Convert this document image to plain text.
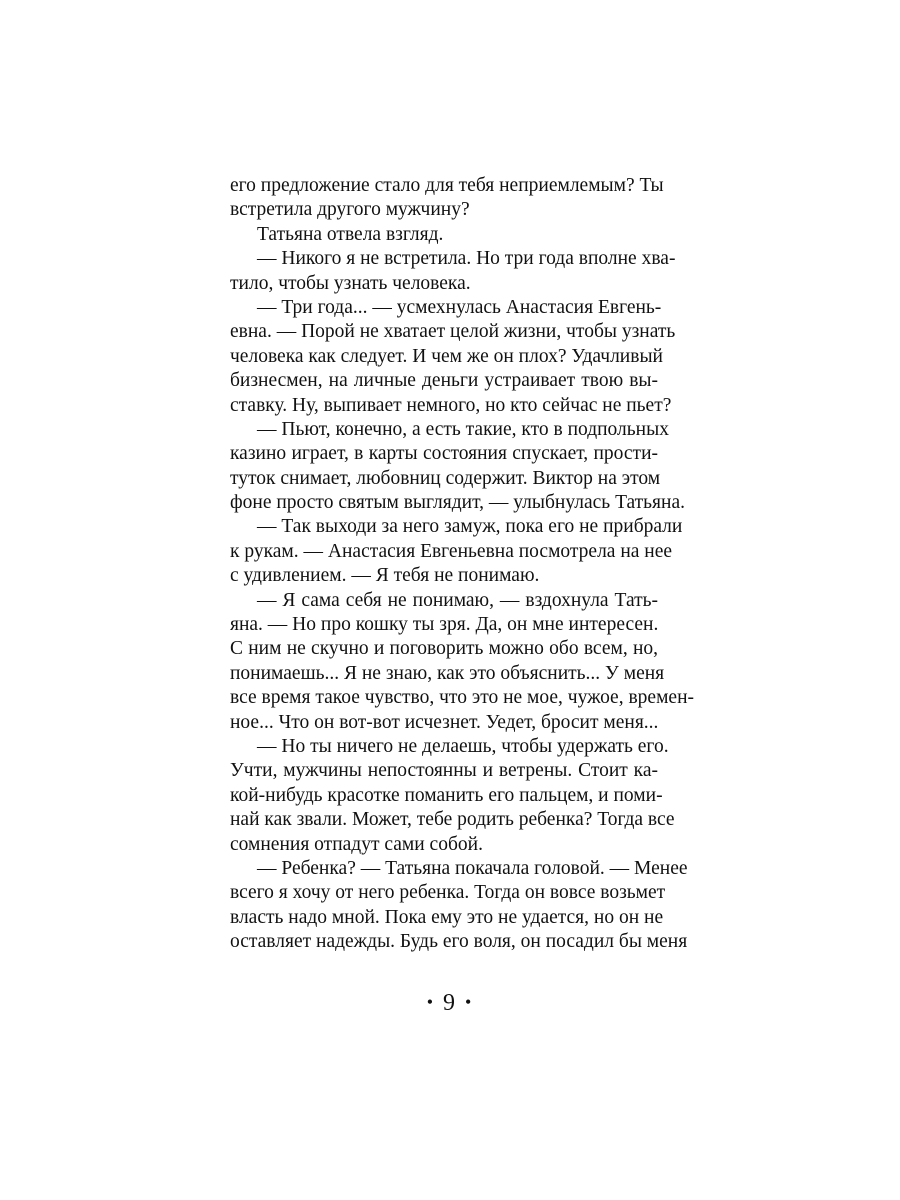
его предложение стало для тебя неприемлемым? Ты
встретила другого мужчину?
Татьяна отвела взгляд.
— Никого я не встретила. Но три года вполне хва-
тило, чтобы узнать человека.
— Три года... — усмехнулась Анастасия Евгень-
евна. — Порой не хватает целой жизни, чтобы узнать
человека как следует. И чем же он плох? Удачливый
бизнесмен, на личные деньги устраивает твою вы-
ставку. Ну, выпивает немного, но кто сейчас не пьет?
— Пьют, конечно, а есть такие, кто в подпольных
казино играет, в карты состояния спускает, прости-
туток снимает, любовниц содержит. Виктор на этом
фоне просто святым выглядит, — улыбнулась Татьяна.
— Так выходи за него замуж, пока его не прибрали
к рукам. — Анастасия Евгеньевна посмотрела на нее
с удивлением. — Я тебя не понимаю.
— Я сама себя не понимаю, — вздохнула Тать-
яна. — Но про кошку ты зря. Да, он мне интересен.
С ним не скучно и поговорить можно обо всем, но,
понимаешь... Я не знаю, как это объяснить... У меня
все время такое чувство, что это не мое, чужое, времен-
ное... Что он вот-вот исчезнет. Уедет, бросит меня...
— Но ты ничего не делаешь, чтобы удержать его.
Учти, мужчины непостоянны и ветрены. Стоит ка-
кой-нибудь красотке поманить его пальцем, и поми-
най как звали. Может, тебе родить ребенка? Тогда все
сомнения отпадут сами собой.
— Ребенка? — Татьяна покачала головой. — Менее
всего я хочу от него ребенка. Тогда он вовсе возьмет
власть надо мной. Пока ему это не удается, но он не
оставляет надежды. Будь его воля, он посадил бы меня
• 9 •
